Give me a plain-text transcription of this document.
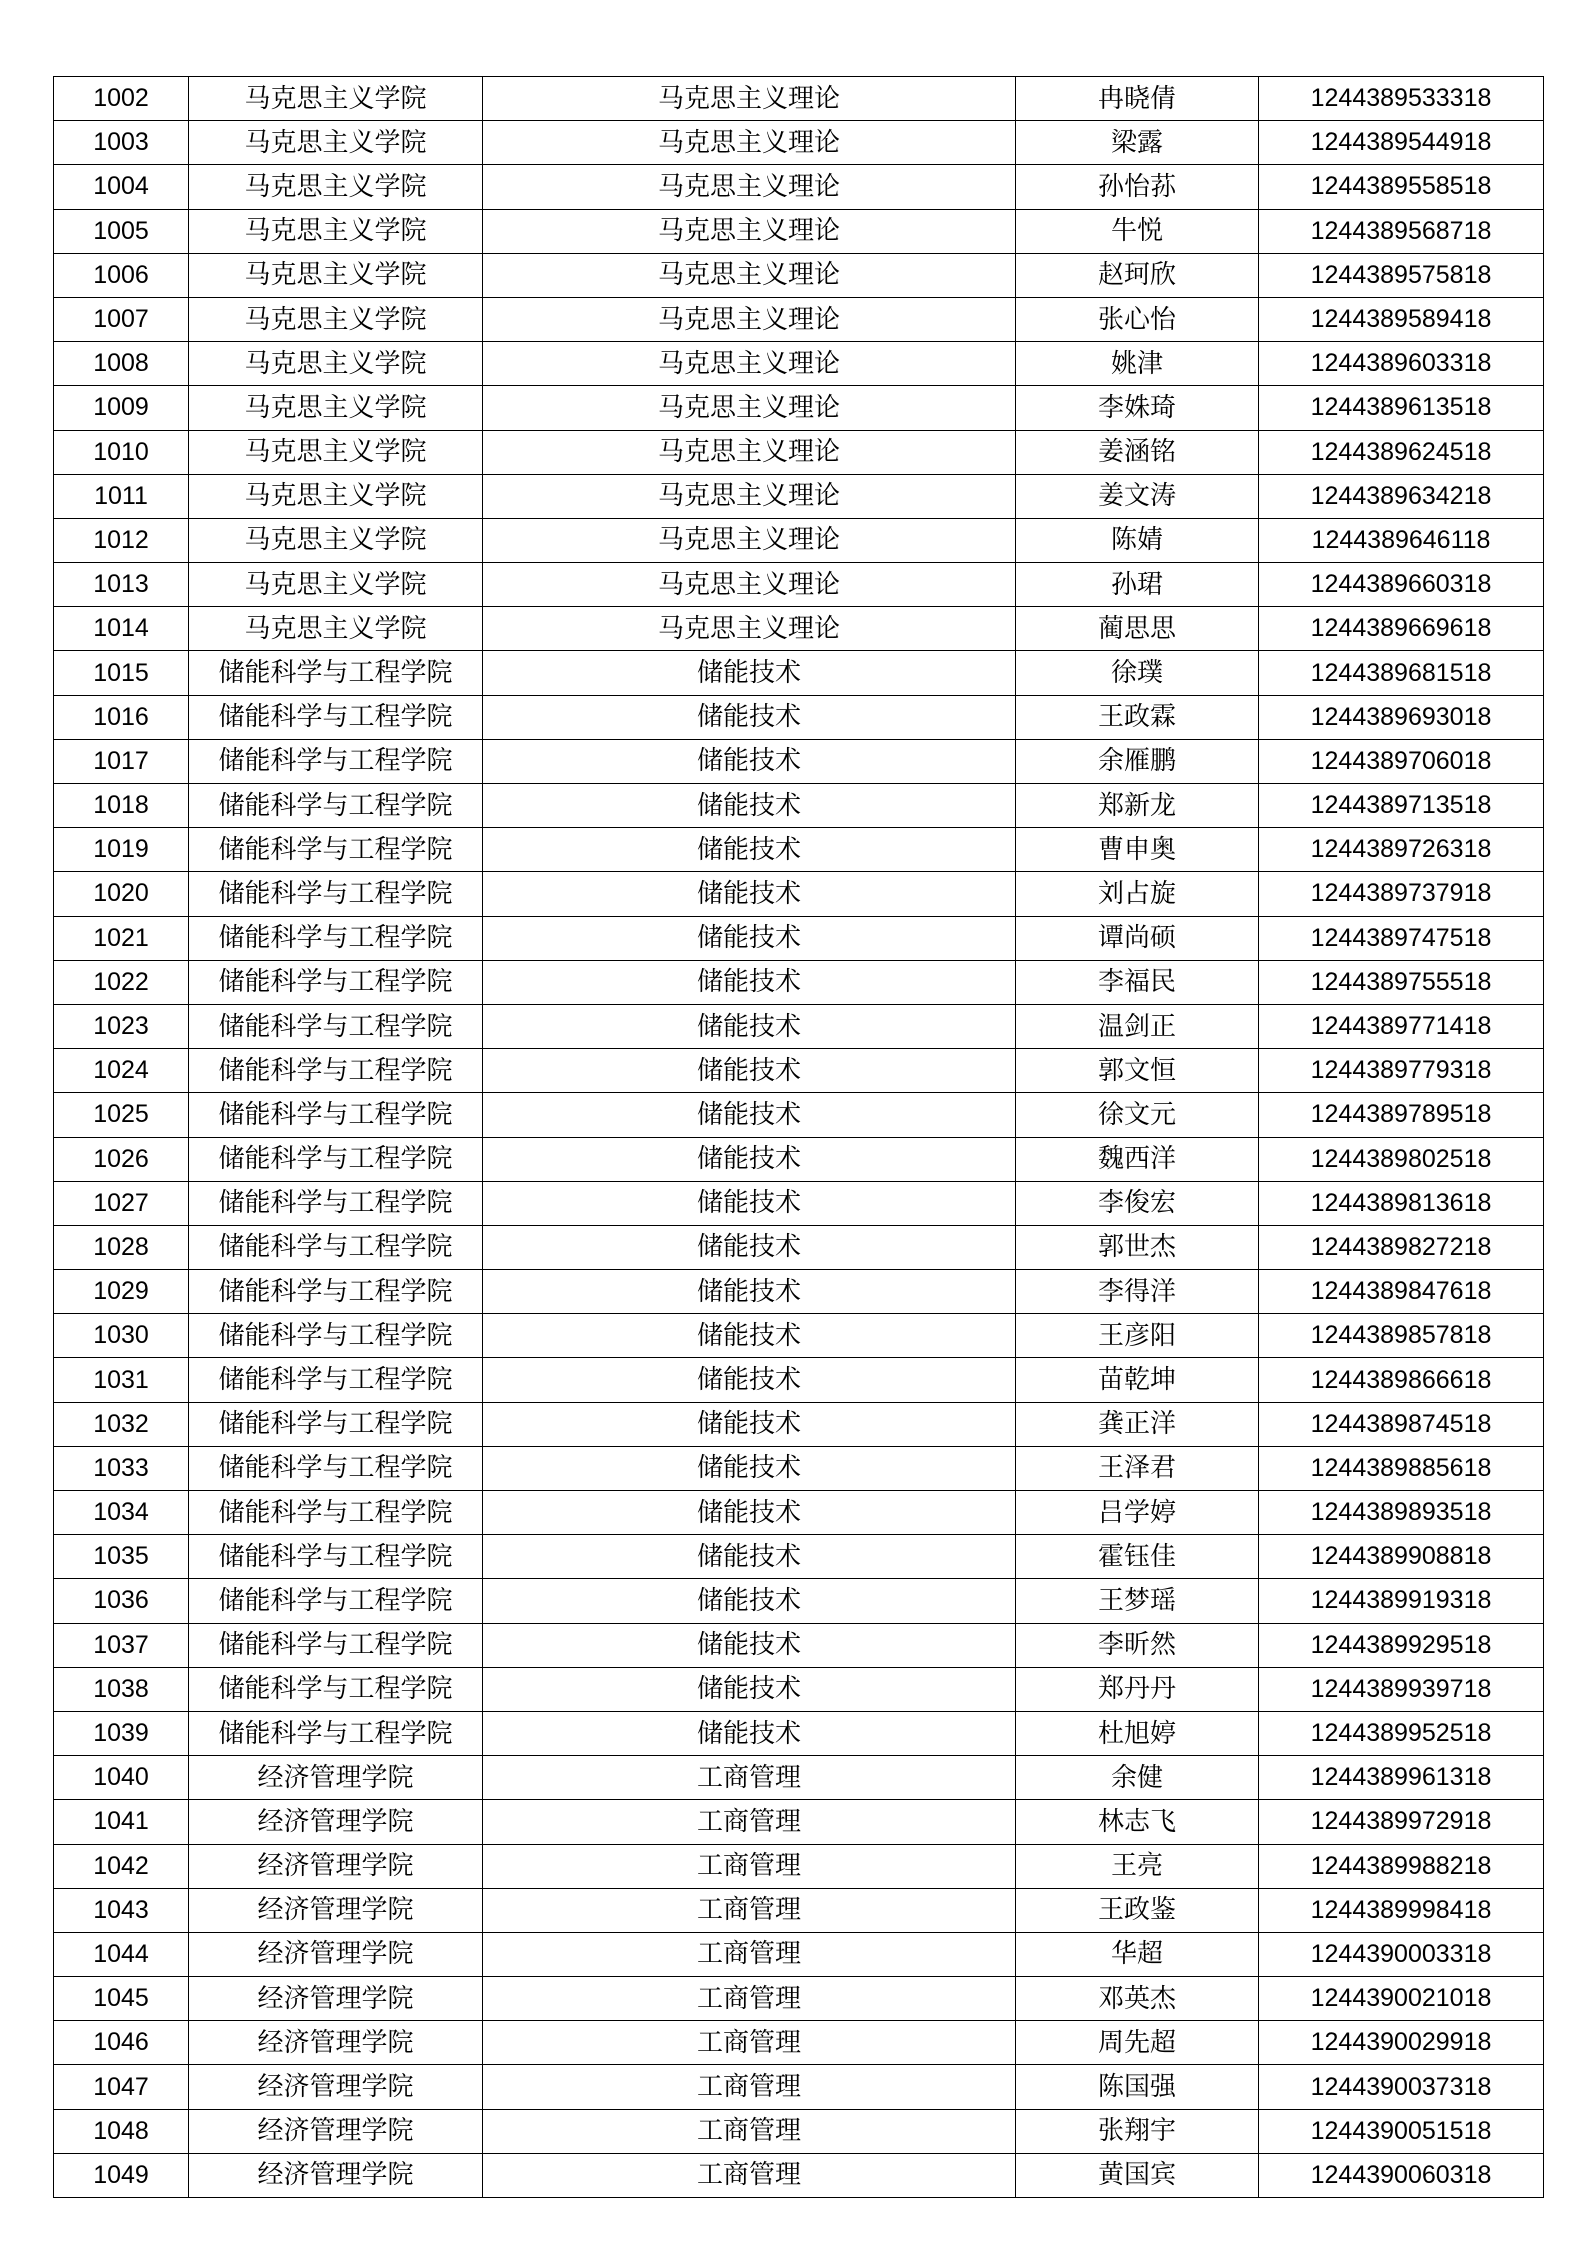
1002	马克思主义学院	马克思主义理论	冉晓倩	1244389533318
1003	马克思主义学院	马克思主义理论	梁露	1244389544918
1004	马克思主义学院	马克思主义理论	孙怡荪	1244389558518
1005	马克思主义学院	马克思主义理论	牛悦	1244389568718
1006	马克思主义学院	马克思主义理论	赵珂欣	1244389575818
1007	马克思主义学院	马克思主义理论	张心怡	1244389589418
1008	马克思主义学院	马克思主义理论	姚津	1244389603318
1009	马克思主义学院	马克思主义理论	李姝琦	1244389613518
1010	马克思主义学院	马克思主义理论	姜涵铭	1244389624518
1011	马克思主义学院	马克思主义理论	姜文涛	1244389634218
1012	马克思主义学院	马克思主义理论	陈婧	1244389646118
1013	马克思主义学院	马克思主义理论	孙珺	1244389660318
1014	马克思主义学院	马克思主义理论	蔺思思	1244389669618
1015	储能科学与工程学院	储能技术	徐璞	1244389681518
1016	储能科学与工程学院	储能技术	王政霖	1244389693018
1017	储能科学与工程学院	储能技术	余雁鹏	1244389706018
1018	储能科学与工程学院	储能技术	郑新龙	1244389713518
1019	储能科学与工程学院	储能技术	曹申奥	1244389726318
1020	储能科学与工程学院	储能技术	刘占旋	1244389737918
1021	储能科学与工程学院	储能技术	谭尚硕	1244389747518
1022	储能科学与工程学院	储能技术	李福民	1244389755518
1023	储能科学与工程学院	储能技术	温剑正	1244389771418
1024	储能科学与工程学院	储能技术	郭文恒	1244389779318
1025	储能科学与工程学院	储能技术	徐文元	1244389789518
1026	储能科学与工程学院	储能技术	魏西洋	1244389802518
1027	储能科学与工程学院	储能技术	李俊宏	1244389813618
1028	储能科学与工程学院	储能技术	郭世杰	1244389827218
1029	储能科学与工程学院	储能技术	李得洋	1244389847618
1030	储能科学与工程学院	储能技术	王彦阳	1244389857818
1031	储能科学与工程学院	储能技术	苗乾坤	1244389866618
1032	储能科学与工程学院	储能技术	龚正洋	1244389874518
1033	储能科学与工程学院	储能技术	王泽君	1244389885618
1034	储能科学与工程学院	储能技术	吕学婷	1244389893518
1035	储能科学与工程学院	储能技术	霍钰佳	1244389908818
1036	储能科学与工程学院	储能技术	王梦瑶	1244389919318
1037	储能科学与工程学院	储能技术	李昕然	1244389929518
1038	储能科学与工程学院	储能技术	郑丹丹	1244389939718
1039	储能科学与工程学院	储能技术	杜旭婷	1244389952518
1040	经济管理学院	工商管理	余健	1244389961318
1041	经济管理学院	工商管理	林志飞	1244389972918
1042	经济管理学院	工商管理	王亮	1244389988218
1043	经济管理学院	工商管理	王政鉴	1244389998418
1044	经济管理学院	工商管理	华超	1244390003318
1045	经济管理学院	工商管理	邓英杰	1244390021018
1046	经济管理学院	工商管理	周先超	1244390029918
1047	经济管理学院	工商管理	陈国强	1244390037318
1048	经济管理学院	工商管理	张翔宇	1244390051518
1049	经济管理学院	工商管理	黄国宾	1244390060318
